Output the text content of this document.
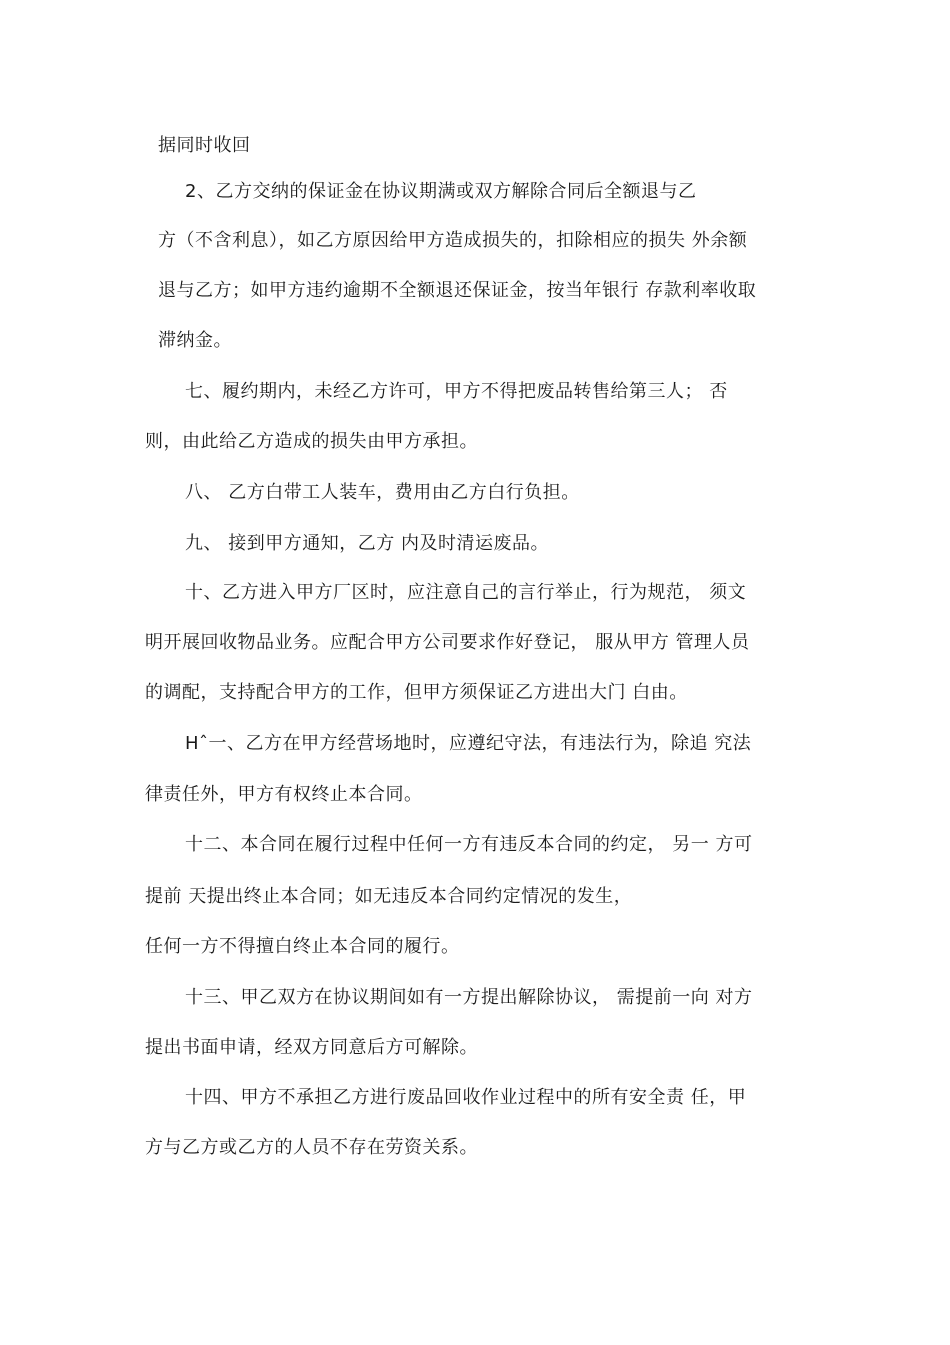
据同时收回
2、乙方交纳的保证金在协议期满或双方解除合同后全额退与乙
方（不含利息），如乙方原因给甲方造成损失的，扣除相应的损失 外余额
退与乙方；如甲方违约逾期不全额退还保证金，按当年银行 存款利率收取
滞纳金。
七、履约期内，未经乙方许可，甲方不得把废品转售给第三人； 否
则，由此给乙方造成的损失由甲方承担。
八、 乙方白带工人装车，费用由乙方白行负担。
九、 接到甲方通知，乙方 内及时清运废品。
十、乙方进入甲方厂区时，应注意自己的言行举止，行为规范， 须文
明开展回收物品业务。应配合甲方公司要求作好登记， 服从甲方 管理人员
的调配，支持配合甲方的工作，但甲方须保证乙方进出大门 白由。
Hˆ一、乙方在甲方经营场地时，应遵纪守法，有违法行为，除追 究法
律责任外，甲方有权终止本合同。
十二、本合同在履行过程中任何一方有违反本合同的约定， 另一 方可
提前 天提出终止本合同；如无违反本合同约定情况的发生，
任何一方不得擅白终止本合同的履行。
十三、甲乙双方在协议期间如有一方提出解除协议， 需提前一向 对方
提出书面申请，经双方同意后方可解除。
十四、甲方不承担乙方进行废品回收作业过程中的所有安全责 任，甲
方与乙方或乙方的人员不存在劳资关系。
